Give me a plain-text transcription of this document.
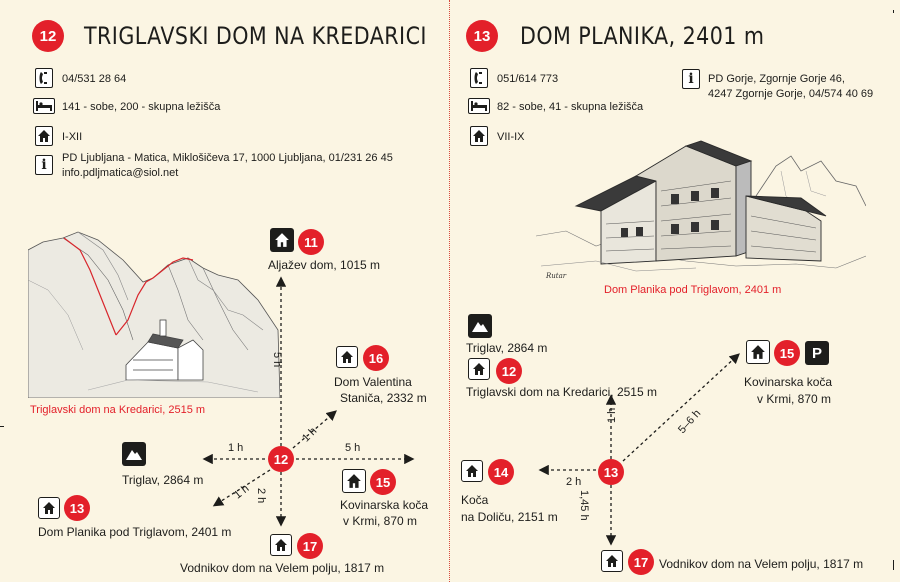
12	TRIGLAVSKI DOM NA KREDARICI
04/531 28 64
141 - sobe, 200 - skupna ležišča
I-XII
i PD Ljubljana - Matica, Miklošičeva 17, 1000 Ljubljana, 01/231 26 45
info.pdljmatica@siol.net
Triglavski dom na Kredarici, 2515 m
12
11
Aljažev dom, 1015 m
5 h	16
Dom Valentina
Staniča, 2332 m
1 h
15
Kovinarska koča
v Krmi, 870 m
5 h
17
Vodnikov dom na Velem polju, 1817 m
2 h
13
Dom Planika pod Triglavom, 2401 m
1 h
Triglav, 2864 m
1 h
13	DOM PLANIKA, 2401 m
051/614 773
82 - sobe, 41 - skupna ležišča
VII-IX
i PD Gorje, Zgornje Gorje 46,
4247 Zgornje Gorje, 04/574 40 69
Rutar
Dom Planika pod Triglavom, 2401 m
13
Triglav, 2864 m
12
Triglavski dom na Kredarici, 2515 m
1 h
15	P
Kovinarska koča
v Krmi, 870 m
5–6 h
14
Koča
na Doliču, 2151 m
2 h
17 Vodnikov dom na Velem polju, 1817 m
1,45 h
